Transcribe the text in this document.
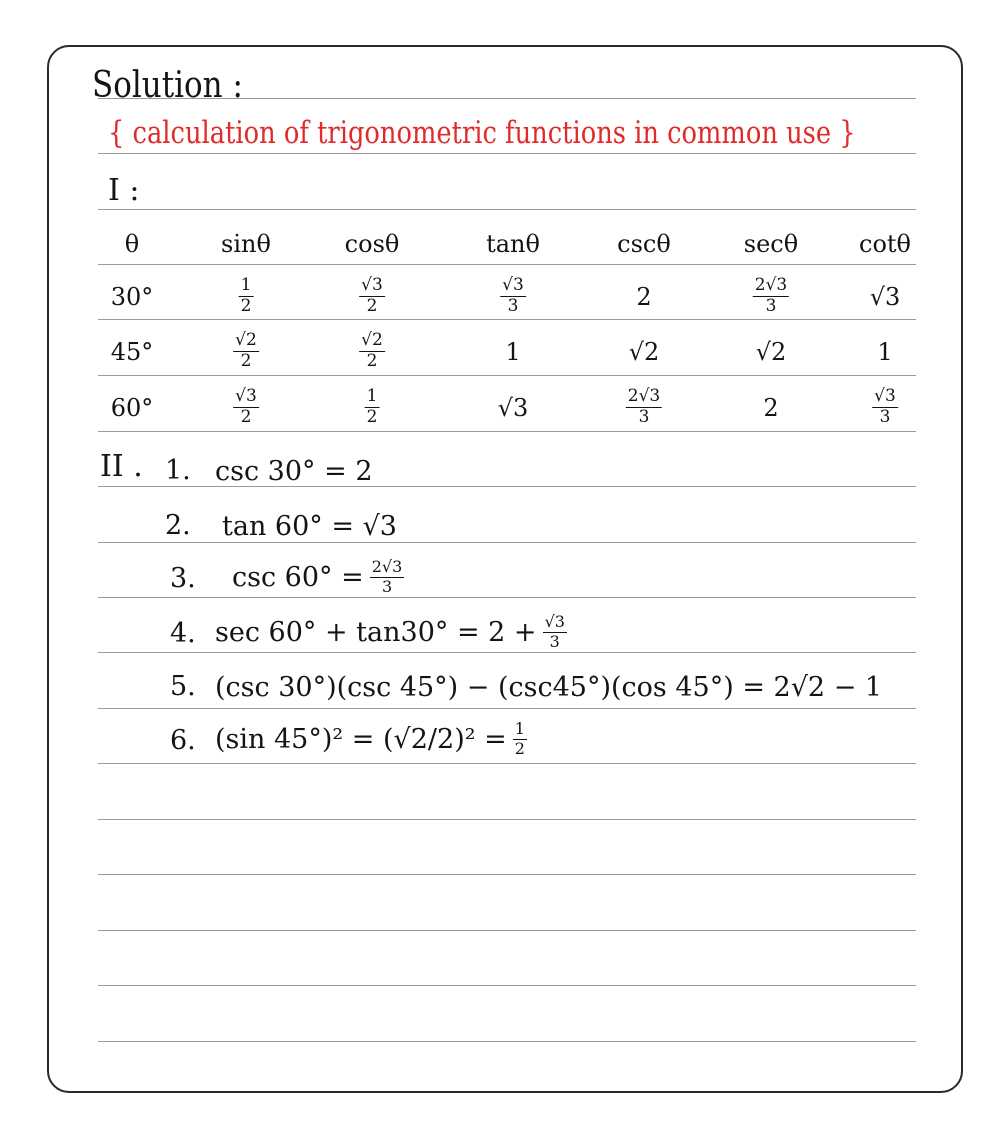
Solution :
{ calculation of trigonometric functions in common use }
I :
θ	sinθ	cosθ	tanθ	cscθ	secθ	cotθ
30°	$\frac{1}{2}$	$\frac{√3}{2}$	$\frac{√3}{3}$	2	$\frac{2√3}{3}$	√3
45°	$\frac{√2}{2}$	$\frac{√2}{2}$	1	√2	√2	1
60°	$\frac{√3}{2}$	$\frac{1}{2}$	√3	$\frac{2√3}{3}$	2	$\frac{√3}{3}$
II . 1. csc 30° = 2
2. tan 60° = √3
3. $\csc 60^\circ = \frac{2√3}{3}$
4. $\sec 60^\circ + \tan 30^\circ = 2 + \frac{√3}{3}$
5. (csc 30°)(csc 45°) − (csc45°)(cos 45°) = 2√2 − 1
6. (sin $45^\circ)^2 = (√2/2)^2 = \frac{1}{2}$
